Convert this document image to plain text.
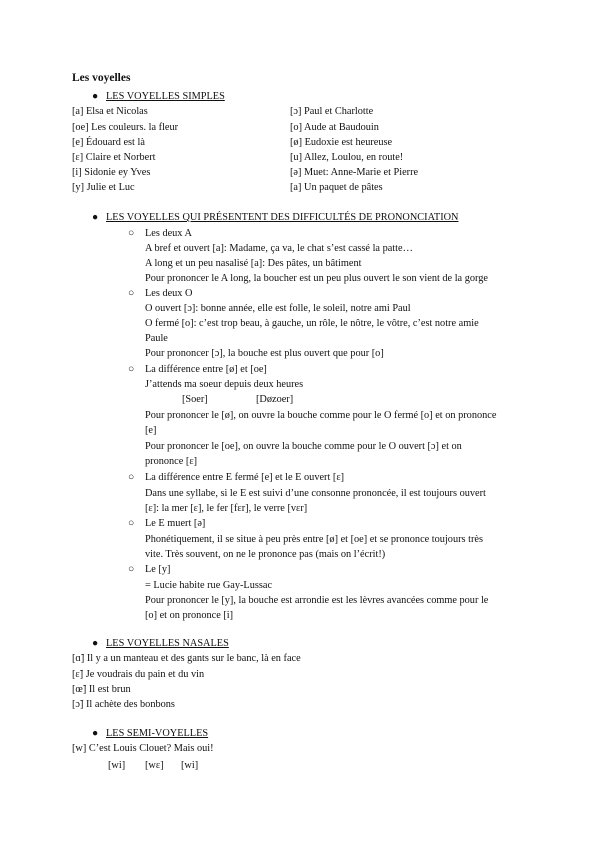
Les voyelles
● LES VOYELLES SIMPLES
[a] Elsa et Nicolas	[ɔ] Paul et Charlotte
[oe] Les couleurs. la fleur	[o] Aude at Baudouin
[e] Édouard est là	[ø] Eudoxie est heureuse
[ɛ] Claire et Norbert	[u] Allez, Loulou, en route!
[i] Sidonie ey Yves	[ə] Muet: Anne-Marie et Pierre
[y] Julie et Luc	[a] Un paquet de pâtes
● LES VOYELLES QUI PRÉSENTENT DES DIFFICULTÉS DE PRONONCIATION
○ Les deux A
A bref et ouvert [a]: Madame, ça va, le chat s’est cassé la patte…
A long et un peu nasalisé [a]: Des pâtes, un bâtiment
Pour prononcer le A long, la boucher est un peu plus ouvert le son vient de la gorge
○ Les deux O
O ouvert [ɔ]: bonne année, elle est folle, le soleil, notre ami Paul
O fermé [o]: c’est trop beau, à gauche, un rôle, le nôtre, le vôtre, c’est notre amie
Paule
Pour prononcer [ɔ], la bouche est plus ouvert que pour [o]
○ La différence entre [ø] et [oe]
J’attends ma soeur depuis deux heures
[Soer]	[Døzoer]
Pour prononcer le [ø], on ouvre la bouche comme pour le O fermé [o] et on prononce
[e]
Pour prononcer le [oe], on ouvre la bouche comme pour le O ouvert [ɔ] et on
prononce [ɛ]
○ La différence entre E fermé [e] et le E ouvert [ɛ]
Dans une syllabe, si le E est suivi d’une consonne prononcée, il est toujours ouvert
[ɛ]: la mer [ɛ], le fer [fɛr], le verre [vɛr]
○ Le E muert [ə]
Phonétiquement, il se situe à peu près entre [ø] et [oe] et se prononce toujours très
vite. Très souvent, on ne le prononce pas (mais on l’écrit!)
○ Le [y]
= Lucie habite rue Gay-Lussac
Pour prononcer le [y], la bouche est arrondie est les lèvres avancées comme pour le
[o] et on prononce [i]
● LES VOYELLES NASALES
[ɑ̃] Il y a un manteau et des gants sur le banc, là en face
[ɛ̃] Je voudrais du pain et du vin
[œ̃] Il est brun
[ɔ̃] Il achète des bonbons
● LES SEMI-VOYELLES
[w] C’est Louis Clouet? Mais oui!
[wi] [wɛ] [wi]
